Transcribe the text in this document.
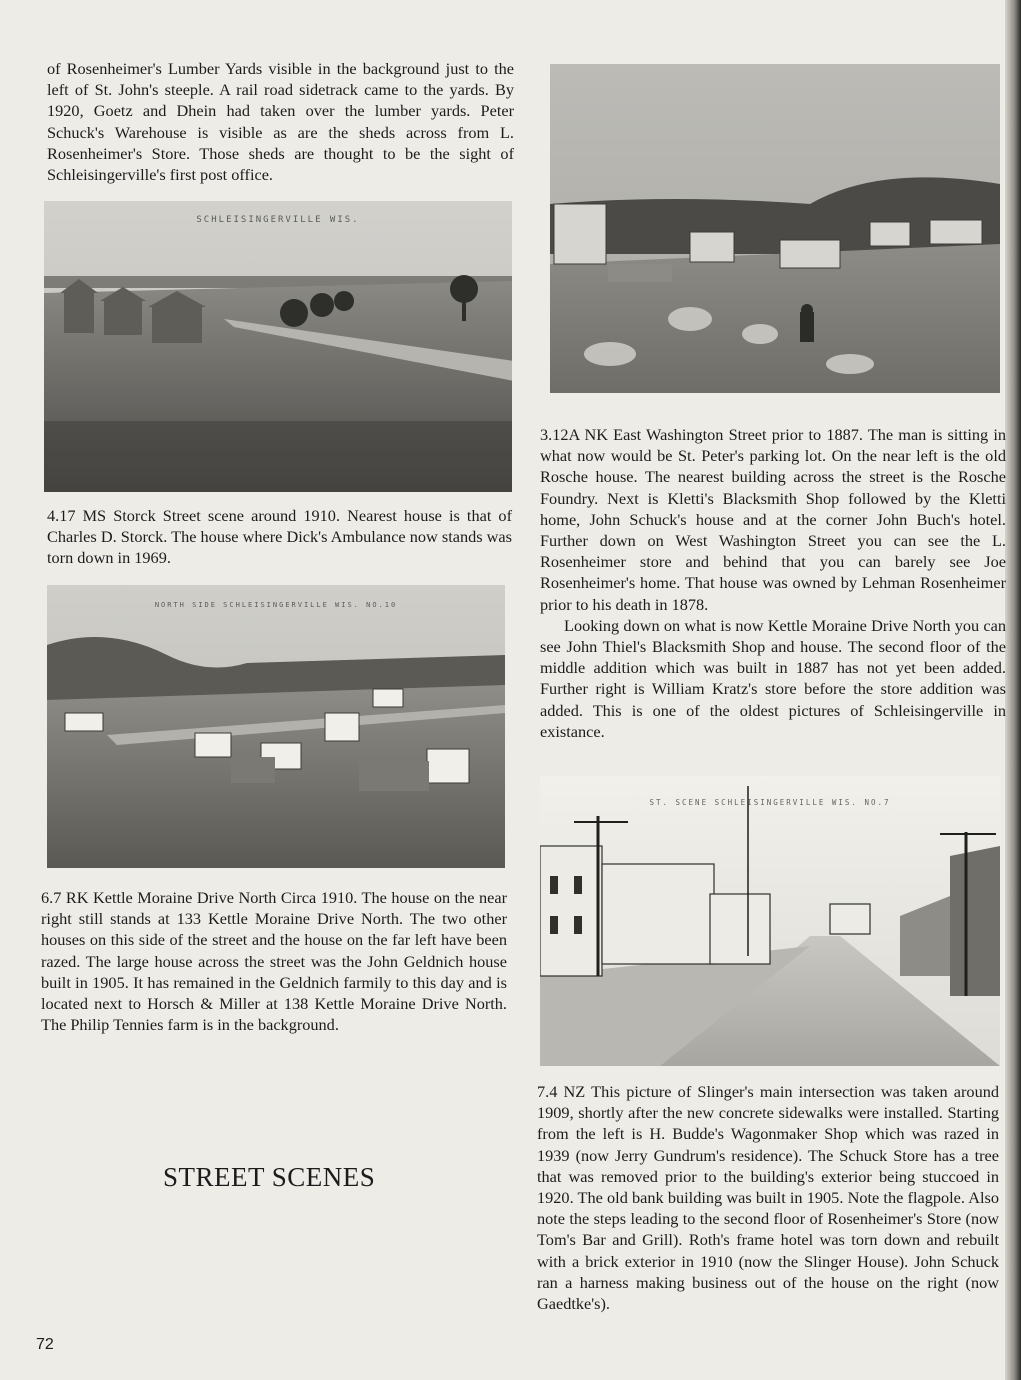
of Rosenheimer's Lumber Yards visible in the background just to the left of St. John's steeple. A rail road sidetrack came to the yards. By 1920, Goetz and Dhein had taken over the lumber yards. Peter Schuck's Warehouse is visible as are the sheds across from L. Rosenheimer's Store. Those sheds are thought to be the sight of Schleisingerville's first post office.

SCHLEISINGERVILLE WIS.

4.17 MS Storck Street scene around 1910. Nearest house is that of Charles D. Storck. The house where Dick's Ambulance now stands was torn down in 1969.

NORTH SIDE SCHLEISINGERVILLE WIS. NO.10

6.7 RK Kettle Moraine Drive North Circa 1910. The house on the near right still stands at 133 Kettle Moraine Drive North. The two other houses on this side of the street and the house on the far left have been razed. The large house across the street was the John Geldnich house built in 1905. It has remained in the Geldnich farmily to this day and is located next to Horsch & Miller at 138 Kettle Moraine Drive North. The Philip Tennies farm is in the background.

3.12A NK East Washington Street prior to 1887. The man is sitting in what now would be St. Peter's parking lot. On the near left is the old Rosche house. The nearest building across the street is the Rosche Foundry. Next is Kletti's Blacksmith Shop followed by the Kletti home, John Schuck's house and at the corner John Buch's hotel. Further down on West Washington Street you can see the L. Rosenheimer store and behind that you can barely see Joe Rosenheimer's home. That house was owned by Lehman Rosenheimer prior to his death in 1878.

Looking down on what is now Kettle Moraine Drive North you can see John Thiel's Blacksmith Shop and house. The second floor of the middle addition which was built in 1887 has not yet been added. Further right is William Kratz's store before the store addition was added. This is one of the oldest pictures of Schleisingerville in existance.

ST. SCENE SCHLEISINGERVILLE WIS. NO.7

7.4 NZ This picture of Slinger's main intersection was taken around 1909, shortly after the new concrete sidewalks were installed. Starting from the left is H. Budde's Wagonmaker Shop which was razed in 1939 (now Jerry Gundrum's residence). The Schuck Store has a tree that was removed prior to the building's exterior being stuccoed in 1920. The old bank building was built in 1905. Note the flagpole. Also note the steps leading to the second floor of Rosenheimer's Store (now Tom's Bar and Grill). Roth's frame hotel was torn down and rebuilt with a brick exterior in 1910 (now the Slinger House). John Schuck ran a harness making business out of the house on the right (now Gaedtke's).

STREET SCENES
72
